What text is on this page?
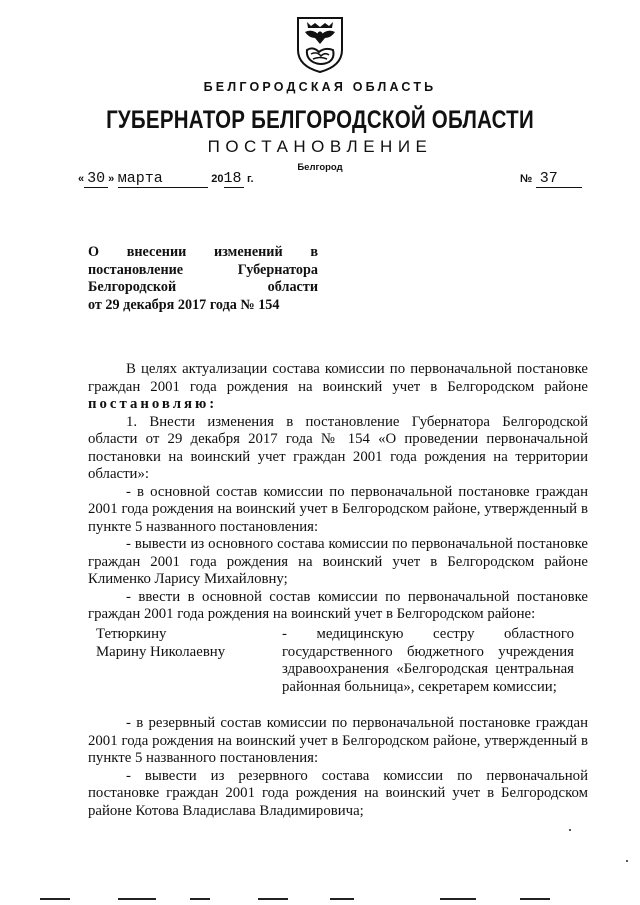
БЕЛГОРОДСКАЯ ОБЛАСТЬ
ГУБЕРНАТОР БЕЛГОРОДСКОЙ ОБЛАСТИ
ПОСТАНОВЛЕНИЕ
Белгород
« 30 » марта	2018 г.	№ 37
О внесении изменений в
постановление Губернатора
Белгородской области
от 29 декабря 2017 года № 154

В целях актуализации состава комиссии по первоначальной постановке граждан 2001 года рождения на воинский учет в Белгородском районе постановляю:

1. Внести изменения в постановление Губернатора Белгородской области от 29 декабря 2017 года № 154 «О проведении первоначальной постановки на воинский учет граждан 2001 года рождения на территории области»:

- в основной состав комиссии по первоначальной постановке граждан 2001 года рождения на воинский учет в Белгородском районе, утвержденный в пункте 5 названного постановления:

- вывести из основного состава комиссии по первоначальной постановке граждан 2001 года рождения на воинский учет в Белгородском районе Клименко Ларису Михайловну;

- ввести в основной состав комиссии по первоначальной постановке граждан 2001 года рождения на воинский учет в Белгородском районе:

Тетюркину
Марину Николаевну
- медицинскую сестру областного государственного бюджетного учреждения здравоохранения «Белгородская центральная районная больница», секретарем комиссии;

- в резервный состав комиссии по первоначальной постановке граждан 2001 года рождения на воинский учет в Белгородском районе, утвержденный в пункте 5 названного постановления:

- вывести из резервного состава комиссии по первоначальной постановке граждан 2001 года рождения на воинский учет в Белгородском районе Котова Владислава Владимировича;
